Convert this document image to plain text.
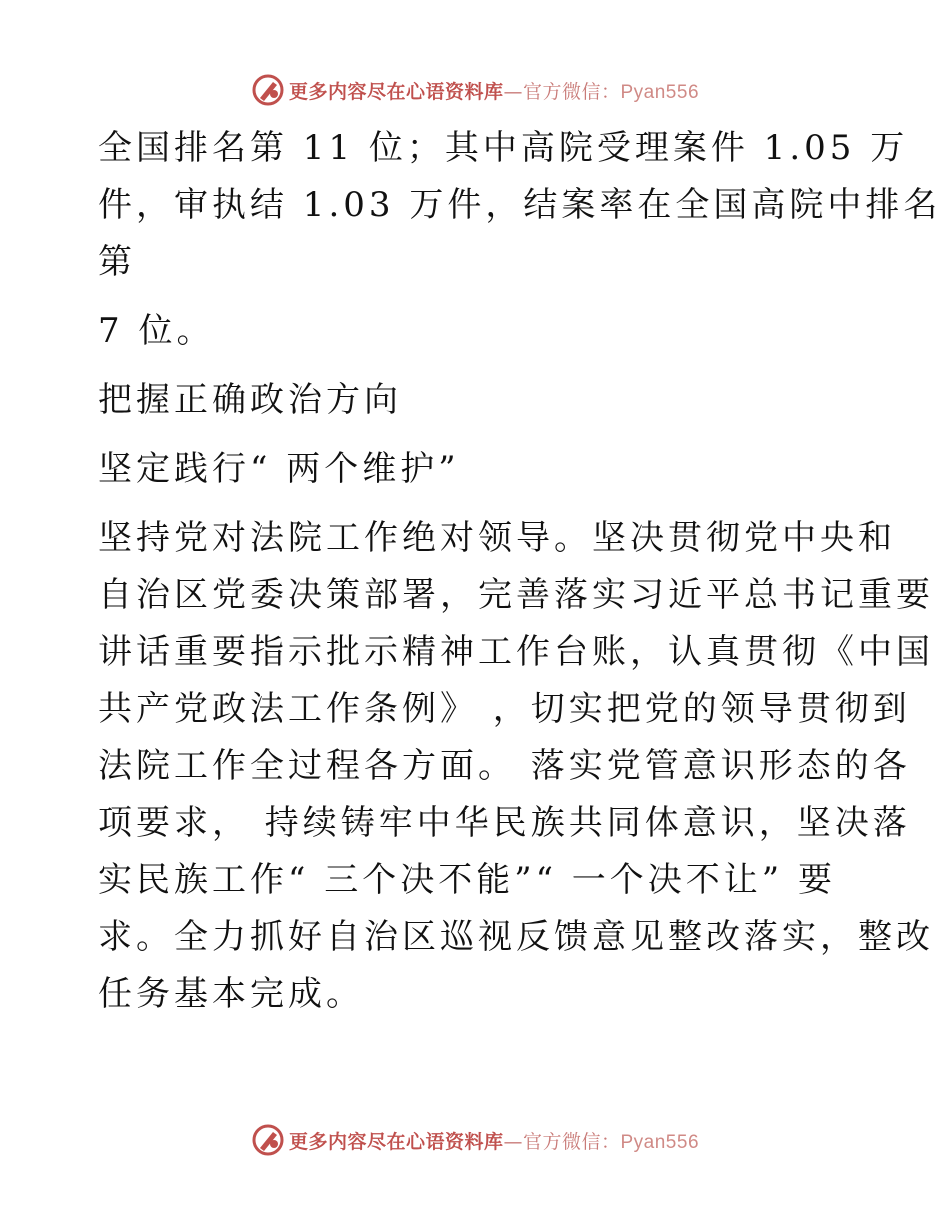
更多内容尽在心语资料库—官方微信：Pyan556
全国排名第 11 位；其中高院受理案件 1.05 万
件，审执结 1.03 万件，结案率在全国高院中排名
第
7 位。
把握正确政治方向
坚定践行“ 两个维护”
坚持党对法院工作绝对领导。坚决贯彻党中央和
自治区党委决策部署，完善落实习近平总书记重要
讲话重要指示批示精神工作台账，认真贯彻《中国
共产党政法工作条例》 ，切实把党的领导贯彻到
法院工作全过程各方面。 落实党管意识形态的各
项要求， 持续铸牢中华民族共同体意识，坚决落
实民族工作“ 三个决不能”“ 一个决不让” 要
求。全力抓好自治区巡视反馈意见整改落实，整改
任务基本完成。
更多内容尽在心语资料库—官方微信：Pyan556
